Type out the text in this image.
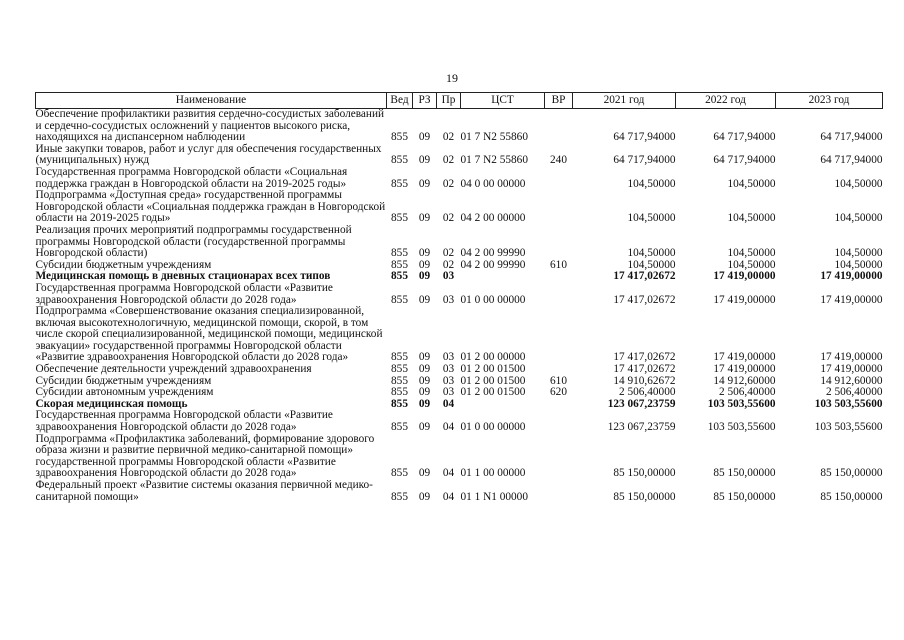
19
Наименование	Вед	РЗ	Пр	ЦСТ	ВР	2021 год	2022 год	2023 год
Обеспечение профилактики развития сердечно-сосудистых заболеваний и сердечно-сосудистых осложнений у пациентов высокого риска, находящихся на диспансерном наблюдении	855	09	02	01 7 N2 55860		64 717,94000	64 717,94000	64 717,94000
Иные закупки товаров, работ и услуг для обеспечения государственных (муниципальных) нужд	855	09	02	01 7 N2 55860	240	64 717,94000	64 717,94000	64 717,94000
Государственная программа Новгородской области «Социальная поддержка граждан в Новгородской области на 2019-2025 годы»	855	09	02	04 0 00 00000		104,50000	104,50000	104,50000
Подпрограмма «Доступная среда» государственной программы Новгородской области «Социальная поддержка граждан в Новгородской области на 2019-2025 годы»	855	09	02	04 2 00 00000		104,50000	104,50000	104,50000
Реализация прочих мероприятий подпрограммы государственной программы Новгородской области (государственной программы Новгородской области)	855	09	02	04 2 00 99990		104,50000	104,50000	104,50000
Субсидии бюджетным учреждениям	855	09	02	04 2 00 99990	610	104,50000	104,50000	104,50000
Медицинская помощь в дневных стационарах всех типов	855	09	03			17 417,02672	17 419,00000	17 419,00000
Государственная программа Новгородской области «Развитие здравоохранения Новгородской области до 2028 года»	855	09	03	01 0 00 00000		17 417,02672	17 419,00000	17 419,00000
Подпрограмма «Совершенствование оказания специализированной, включая высокотехнологичную, медицинской помощи, скорой, в том числе скорой специализированной, медицинской помощи, медицинской эвакуации» государственной программы Новгородской области «Развитие здравоохранения Новгородской области до 2028 года»	855	09	03	01 2 00 00000		17 417,02672	17 419,00000	17 419,00000
Обеспечение деятельности учреждений здравоохранения	855	09	03	01 2 00 01500		17 417,02672	17 419,00000	17 419,00000
Субсидии бюджетным учреждениям	855	09	03	01 2 00 01500	610	14 910,62672	14 912,60000	14 912,60000
Субсидии автономным учреждениям	855	09	03	01 2 00 01500	620	2 506,40000	2 506,40000	2 506,40000
Скорая медицинская помощь	855	09	04			123 067,23759	103 503,55600	103 503,55600
Государственная программа Новгородской области «Развитие здравоохранения Новгородской области до 2028 года»	855	09	04	01 0 00 00000		123 067,23759	103 503,55600	103 503,55600
Подпрограмма «Профилактика заболеваний, формирование здорового образа жизни и развитие первичной медико-санитарной помощи» государственной программы Новгородской области «Развитие здравоохранения Новгородской области до 2028 года»	855	09	04	01 1 00 00000		85 150,00000	85 150,00000	85 150,00000
Федеральный проект «Развитие системы оказания первичной медико-санитарной помощи»	855	09	04	01 1 N1 00000		85 150,00000	85 150,00000	85 150,00000
